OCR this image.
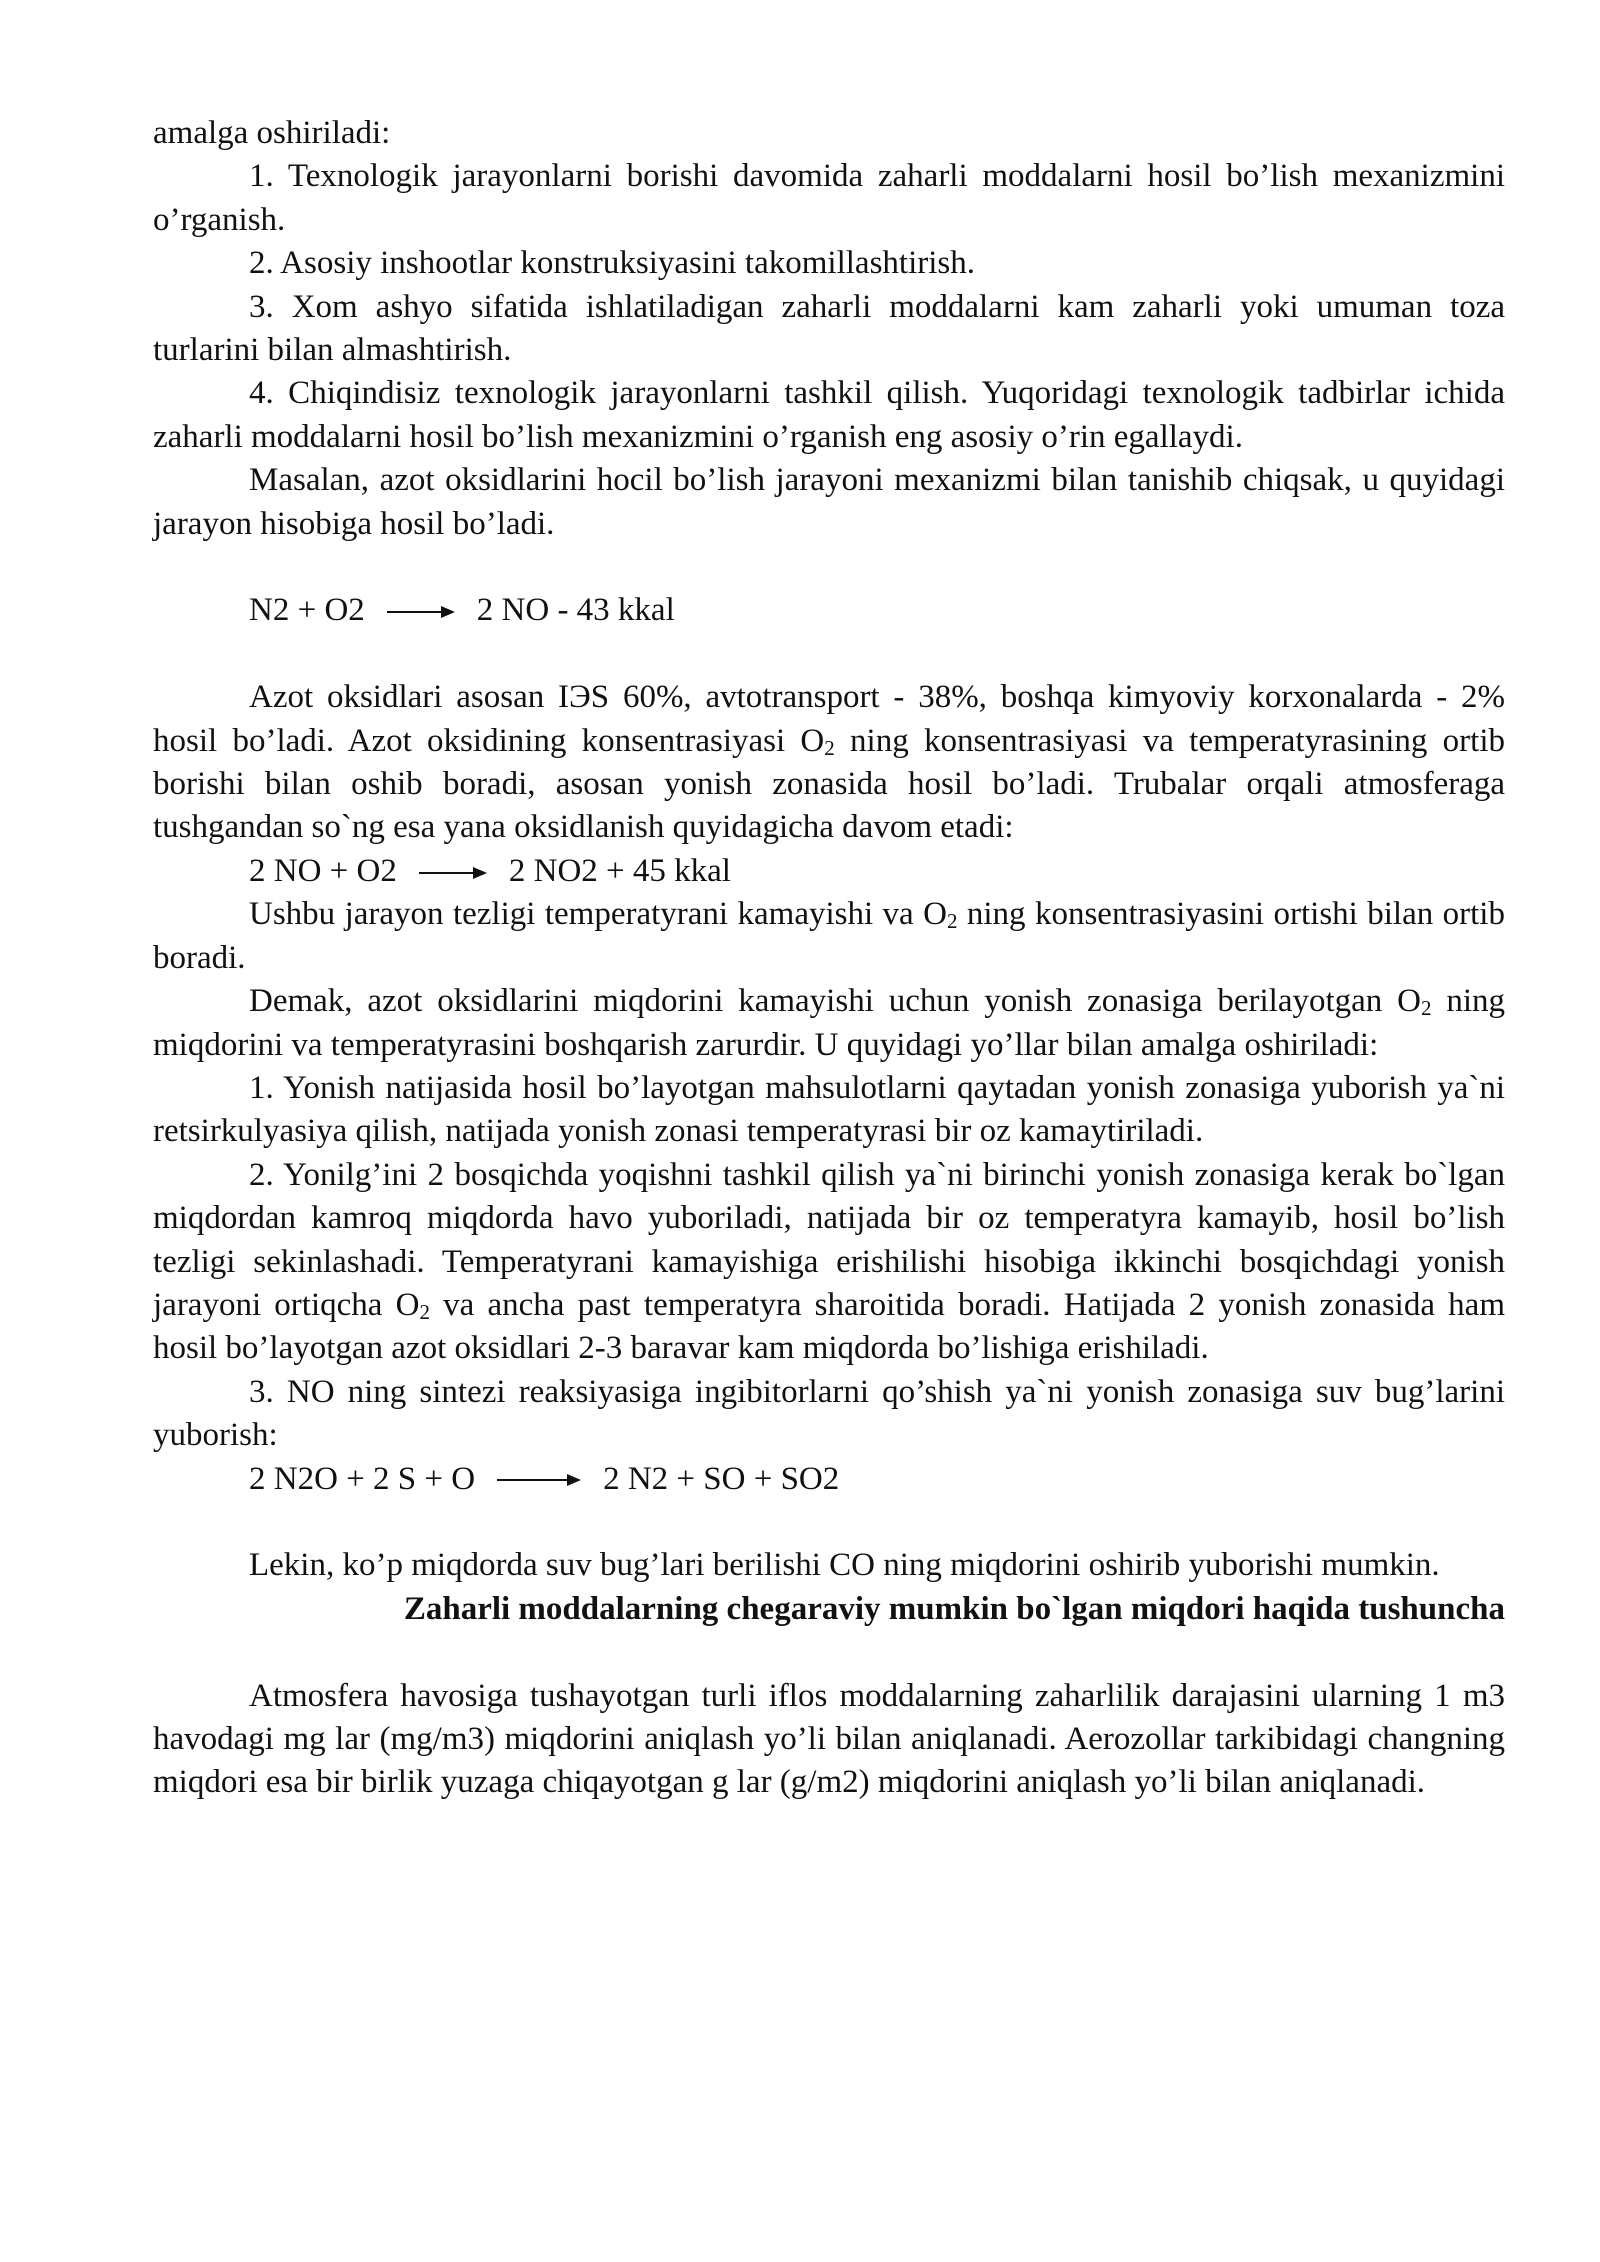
amalga oshiriladi:

1. Texnologik jarayonlarni borishi davomida zaharli moddalarni hosil bo’lish mexanizmini o’rganish.

2. Asosiy inshootlar konstruksiyasini takomillashtirish.

3. Xom ashyo sifatida ishlatiladigan zaharli moddalarni kam zaharli yoki umuman toza turlarini bilan almashtirish.

4. Chiqindisiz texnologik jarayonlarni tashkil qilish. Yuqoridagi texnologik tadbirlar ichida zaharli moddalarni hosil bo’lish mexanizmini o’rganish eng asosiy o’rin egallaydi.

Masalan, azot oksidlarini hocil bo’lish jarayoni mexanizmi bilan tanishib chiqsak, u quyidagi jarayon hisobiga hosil bo’ladi.

N2 + O2 → 2 NO - 43 kkal

Azot oksidlari asosan IЭS 60%, avtotransport - 38%, boshqa kimyoviy korxonalarda - 2% hosil bo’ladi. Azot oksidining konsentrasiyasi $O_2$ ning konsentrasiyasi va temperatyrasining ortib borishi bilan oshib boradi, asosan yonish zonasida hosil bo’ladi. Trubalar orqali atmosferaga tushgandan so`ng esa yana oksidlanish quyidagicha davom etadi:

2 NO + O2 → 2 NO2 + 45 kkal

Ushbu jarayon tezligi temperatyrani kamayishi va $O_2$ ning konsentrasiyasini ortishi bilan ortib boradi.

Demak, azot oksidlarini miqdorini kamayishi uchun yonish zonasiga berilayotgan $O_2$ ning miqdorini va temperatyrasini boshqarish zarurdir. U quyidagi yo’llar bilan amalga oshiriladi:

1. Yonish natijasida hosil bo’layotgan mahsulotlarni qaytadan yonish zonasiga yuborish ya`ni retsirkulyasiya qilish, natijada yonish zonasi temperatyrasi bir oz kamaytiriladi.

2. Yonilg’ini 2 bosqichda yoqishni tashkil qilish ya`ni birinchi yonish zonasiga kerak bo`lgan miqdordan kamroq miqdorda havo yuboriladi, natijada bir oz temperatyra kamayib, hosil bo’lish tezligi sekinlashadi. Temperatyrani kamayishiga erishilishi hisobiga ikkinchi bosqichdagi yonish jarayoni ortiqcha $O_2$ va ancha past temperatyra sharoitida boradi. Hatijada 2 yonish zonasida ham hosil bo’layotgan azot oksidlari 2-3 baravar kam miqdorda bo’lishiga erishiladi.

3. NO ning sintezi reaksiyasiga ingibitorlarni qo’shish ya`ni yonish zonasiga suv bug’larini yuborish:

2 N2O + 2 S + O → 2 N2 + SO + SO2

Lekin, ko’p miqdorda suv bug’lari berilishi CO ning miqdorini oshirib yuborishi mumkin.

Zaharli moddalarning chegaraviy mumkin bo`lgan miqdori haqida tushuncha

Atmosfera havosiga tushayotgan turli iflos moddalarning zaharlilik darajasini ularning 1 m3 havodagi mg lar (mg/m3) miqdorini aniqlash yo’li bilan aniqlanadi. Aerozollar tarkibidagi changning miqdori esa bir birlik yuzaga chiqayotgan g lar (g/m2) miqdorini aniqlash yo’li bilan aniqlanadi.
